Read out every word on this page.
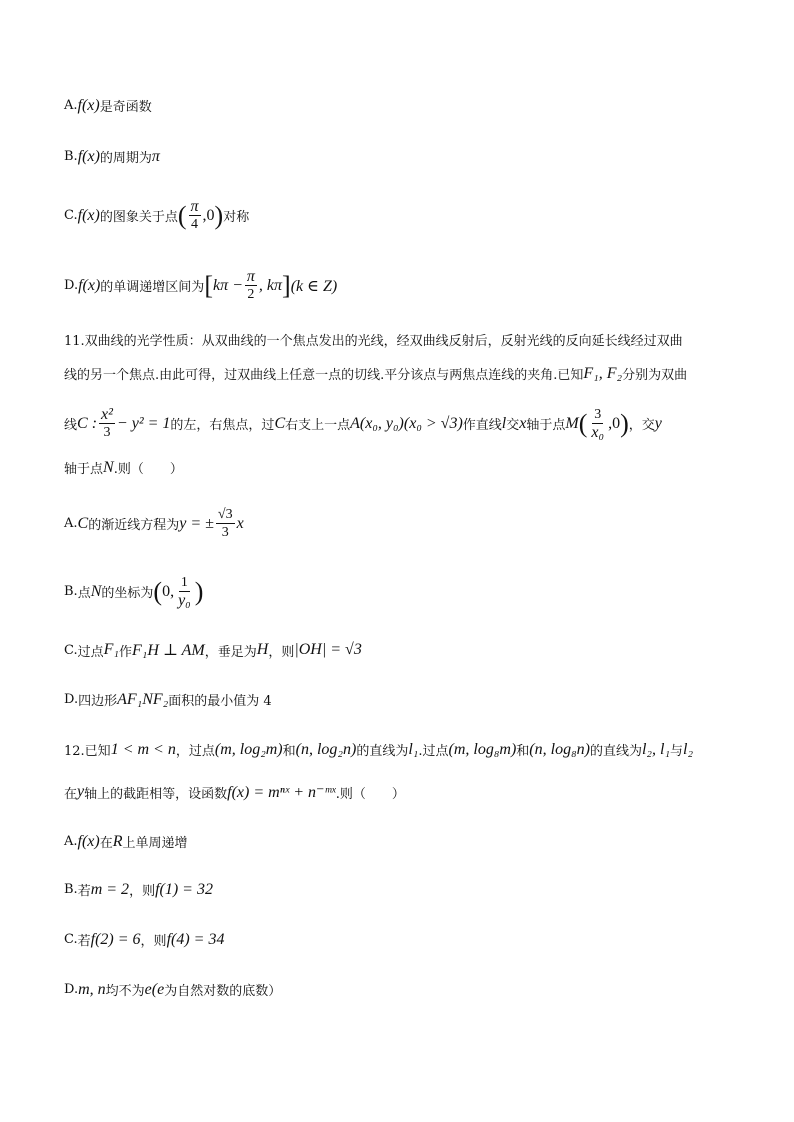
A. f(x) 是奇函数
B. f(x) 的周期为 π
C. f(x) 的图象关于点 ( $\frac{\pi}{4} ,0$ ) 对称
D. f(x) 的单调递增区间为 [ $k\pi - \frac{\pi}{2}$ , kπ ] (k ∈ Z)
11.双曲线的光学性质：从双曲线的一个焦点发出的光线，经双曲线反射后，反射光线的反向延长线经过双曲
线的另一个焦点.由此可得，过双曲线上任意一点的切线.平分该点与两焦点连线的夹角.已知 F₁, F₂ 分别为双曲
线 C : $\frac{\text{x²}}{3} - y^2 = 1$ 的左，右焦点，过 C 右支上一点 A(x₀, y₀)(x₀ > √3) 作直线 l 交 x 轴于点 M ( $\frac{3}{\text{x₀}} ,0$ ) ，交 y
轴于点 N .则（　　）
A. C 的渐近线方程为 y = ± $\frac{√3}{3}$ x
B. 点 N 的坐标为 ( 0, $\frac{1}{\text{y₀}}$ )
C. 过点 F₁ 作 F₁H ⊥ AM ，垂足为 H ，则 |OH| = √3
D. 四边形 AF₁NF₂ 面积的最小值为 4
12.已知 1 < m < n ，过点 (m, log₂m) 和 (n, log₂n) 的直线为 l₁ .过点 (m, log₈m) 和 (n, log₈n) 的直线为 l₂, l₁ 与 l₂
在 y 轴上的截距相等，设函数 f(x) = mⁿˣ + n⁻ᵐˣ .则（　　）
A. f(x) 在 R 上单周递增
B. 若 m = 2 ，则 f(1) = 32
C. 若 f(2) = 6 ，则 f(4) = 34
D. m, n 均不为 e(e 为自然对数的底数）
